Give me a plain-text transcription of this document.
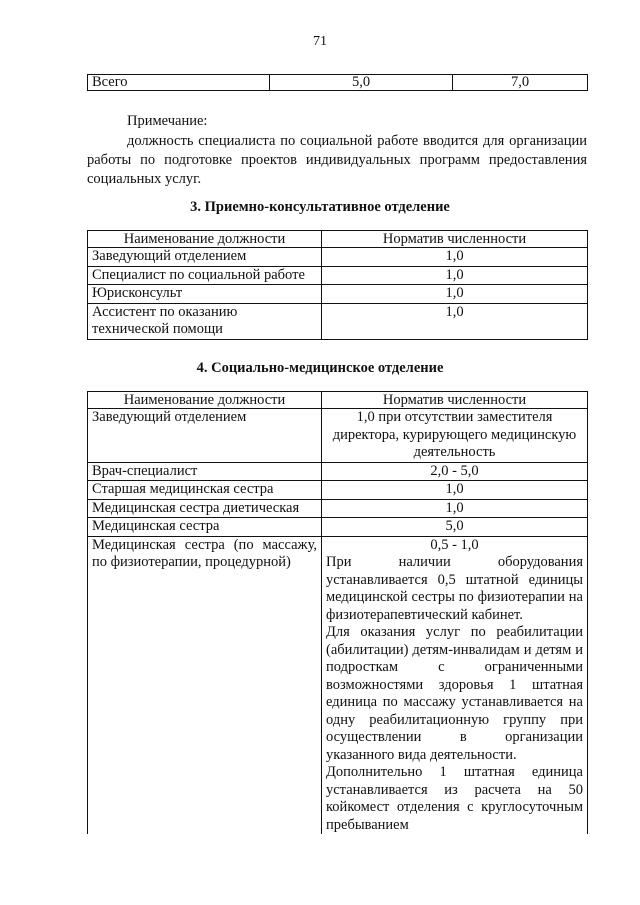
71
Всего	5,0	7,0

Примечание:

должность специалиста по социальной работе вводится для организации работы по подготовке проектов индивидуальных программ предоставления социальных услуг.

3. Приемно-консультативное отделение
Наименование должности	Норматив численности
Заведующий отделением	1,0
Специалист по социальной работе	1,0
Юрисконсульт	1,0
Ассистент по оказанию технической помощи	1,0
4. Социально-медицинское отделение
Наименование должности	Норматив численности
Заведующий отделением	1,0 при отсутствии заместителя директора, курирующего медицинскую деятельность
Врач-специалист	2,0 - 5,0
Старшая медицинская сестра	1,0
Медицинская сестра диетическая	1,0
Медицинская сестра	5,0
Медицинская сестра (по массажу, по физиотерапии, процедурной)	0,5 - 1,0
При наличии оборудования устанавливается 0,5 штатной единицы медицинской сестры по физиотерапии на физиотерапевтический кабинет.
Для оказания услуг по реабилитации (абилитации) детям-инвалидам и детям и подросткам с ограниченными возможностями здоровья 1 штатная единица по массажу устанавливается на одну реабилитационную группу при осуществлении в организации указанного вида деятельности.
Дополнительно 1 штатная единица устанавливается из расчета на 50 койкомест отделения с круглосуточным пребыванием
